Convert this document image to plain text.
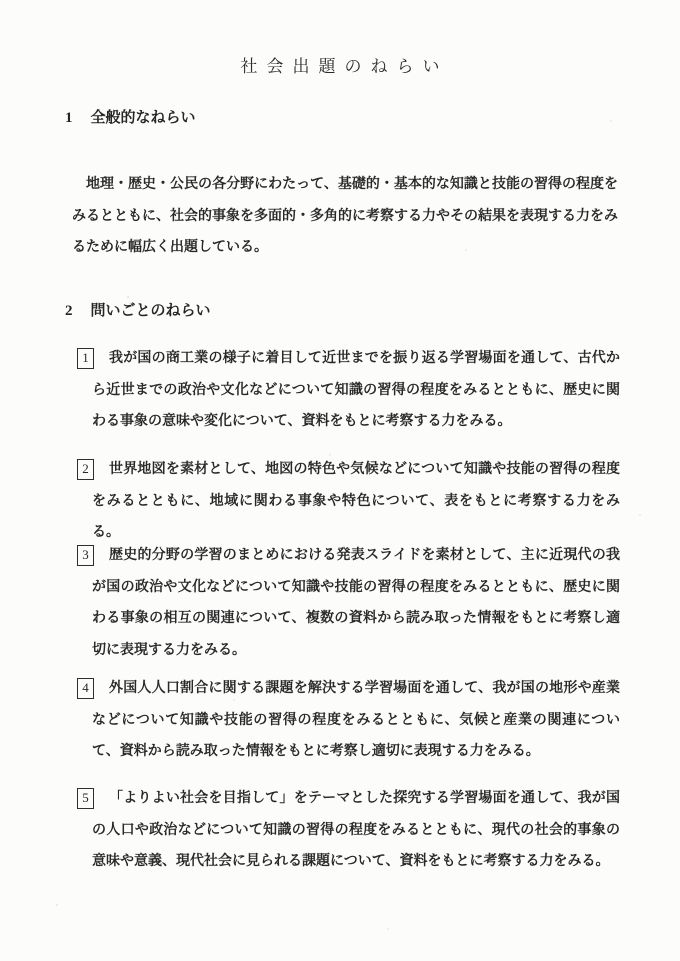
社会出題のねらい
1 全般的なねらい

地理・歴史・公民の各分野にわたって、基礎的・基本的な知識と技能の習得の程度をみるとともに、社会的事象を多面的・多角的に考察する力やその結果を表現する力をみるために幅広く出題している。

2 問いごとのねらい
1	我が国の商工業の様子に着目して近世までを振り返る学習場面を通して、古代から近世までの政治や文化などについて知識の習得の程度をみるとともに、歴史に関わる事象の意味や変化について、資料をもとに考察する力をみる。
2	世界地図を素材として、地図の特色や気候などについて知識や技能の習得の程度をみるとともに、地域に関わる事象や特色について、表をもとに考察する力をみる。
3	歴史的分野の学習のまとめにおける発表スライドを素材として、主に近現代の我が国の政治や文化などについて知識や技能の習得の程度をみるとともに、歴史に関わる事象の相互の関連について、複数の資料から読み取った情報をもとに考察し適切に表現する力をみる。
4	外国人人口割合に関する課題を解決する学習場面を通して、我が国の地形や産業などについて知識や技能の習得の程度をみるとともに、気候と産業の関連について、資料から読み取った情報をもとに考察し適切に表現する力をみる。
5	「よりよい社会を目指して」をテーマとした探究する学習場面を通して、我が国の人口や政治などについて知識の習得の程度をみるとともに、現代の社会的事象の意味や意義、現代社会に見られる課題について、資料をもとに考察する力をみる。
